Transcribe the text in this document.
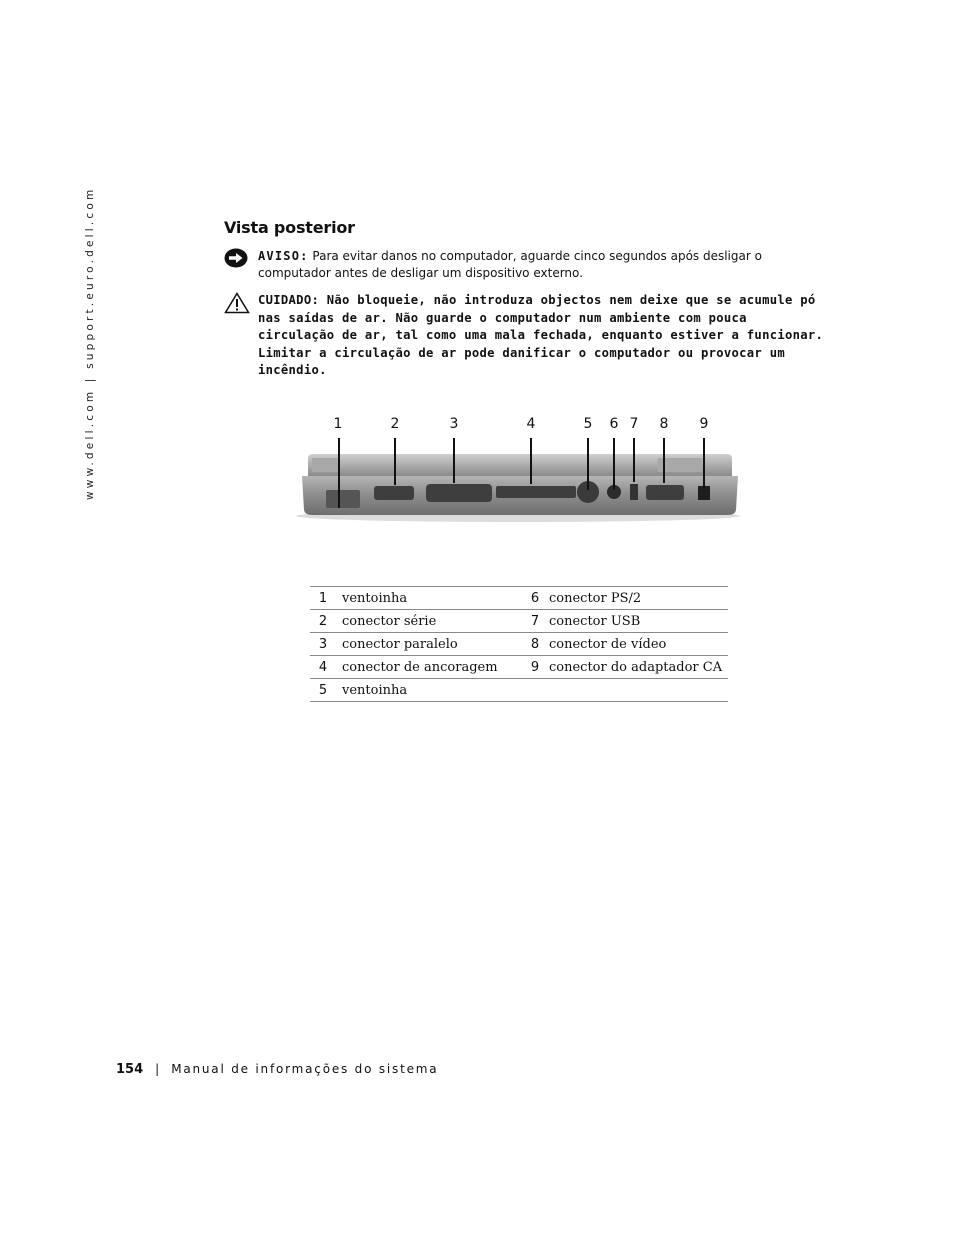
www.dell.com | support.euro.dell.com	Vista posterior
AVISO: Para evitar danos no computador, aguarde cinco segundos após desligar o computador antes de desligar um dispositivo externo.
CUIDADO: Não bloqueie, não introduza objectos nem deixe que se acumule pó nas saídas de ar. Não guarde o computador num ambiente com pouca circulação de ar, tal como uma mala fechada, enquanto estiver a funcionar. Limitar a circulação de ar pode danificar o computador ou provocar um incêndio.
1	2	3	4	5 6 7 8 9
1	ventoinha	6	conector PS/2
2	conector série	7	conector USB
3	conector paralelo	8	conector de vídeo
4	conector de ancoragem	9	conector do adaptador CA
5	ventoinha		
154 | Manual de informações do sistema
